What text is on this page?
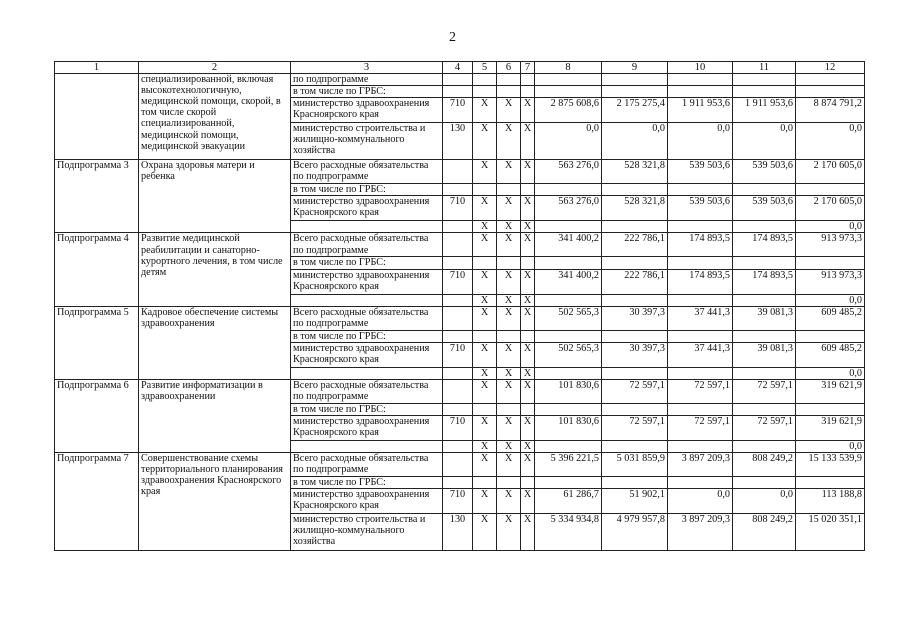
2
1	2	3	4	5	6	7	8	9	10	11	12
	специализированной, включая высокотехнологичную, медицинской помощи, скорой, в том числе скорой специализированной, медицинской помощи, медицинской эвакуации	по подпрограмме									
		в том числе по ГРБС:									
		министерство здравоохранения Красноярского края	710	X	X	X	2 875 608,6	2 175 275,4	1 911 953,6	1 911 953,6	8 874 791,2
		министерство строительства и жилищно-коммунального хозяйства	130	X	X	X	0,0	0,0	0,0	0,0	0,0
Подпрограмма 3	Охрана здоровья матери и ребенка	Всего расходные обязательства по подпрограмме		X	X	X	563 276,0	528 321,8	539 503,6	539 503,6	2 170 605,0
		в том числе по ГРБС:									
		министерство здравоохранения Красноярского края	710	X	X	X	563 276,0	528 321,8	539 503,6	539 503,6	2 170 605,0
				X	X	X					0,0
Подпрограмма 4	Развитие медицинской реабилитации и санаторно-курортного лечения, в том числе детям	Всего расходные обязательства по подпрограмме		X	X	X	341 400,2	222 786,1	174 893,5	174 893,5	913 973,3
		в том числе по ГРБС:									
		министерство здравоохранения Красноярского края	710	X	X	X	341 400,2	222 786,1	174 893,5	174 893,5	913 973,3
				X	X	X					0,0
Подпрограмма 5	Кадровое обеспечение системы здравоохранения	Всего расходные обязательства по подпрограмме		X	X	X	502 565,3	30 397,3	37 441,3	39 081,3	609 485,2
		в том числе по ГРБС:									
		министерство здравоохранения Красноярского края	710	X	X	X	502 565,3	30 397,3	37 441,3	39 081,3	609 485,2
				X	X	X					0,0
Подпрограмма 6	Развитие информатизации в здравоохранении	Всего расходные обязательства по подпрограмме		X	X	X	101 830,6	72 597,1	72 597,1	72 597,1	319 621,9
		в том числе по ГРБС:									
		министерство здравоохранения Красноярского края	710	X	X	X	101 830,6	72 597,1	72 597,1	72 597,1	319 621,9
				X	X	X					0,0
Подпрограмма 7	Совершенствование схемы территориального планирования здравоохранения Красноярского края	Всего расходные обязательства по подпрограмме		X	X	X	5 396 221,5	5 031 859,9	3 897 209,3	808 249,2	15 133 539,9
		в том числе по ГРБС:									
		министерство здравоохранения Красноярского края	710	X	X	X	61 286,7	51 902,1	0,0	0,0	113 188,8
		министерство строительства и жилищно-коммунального хозяйства	130	X	X	X	5 334 934,8	4 979 957,8	3 897 209,3	808 249,2	15 020 351,1
